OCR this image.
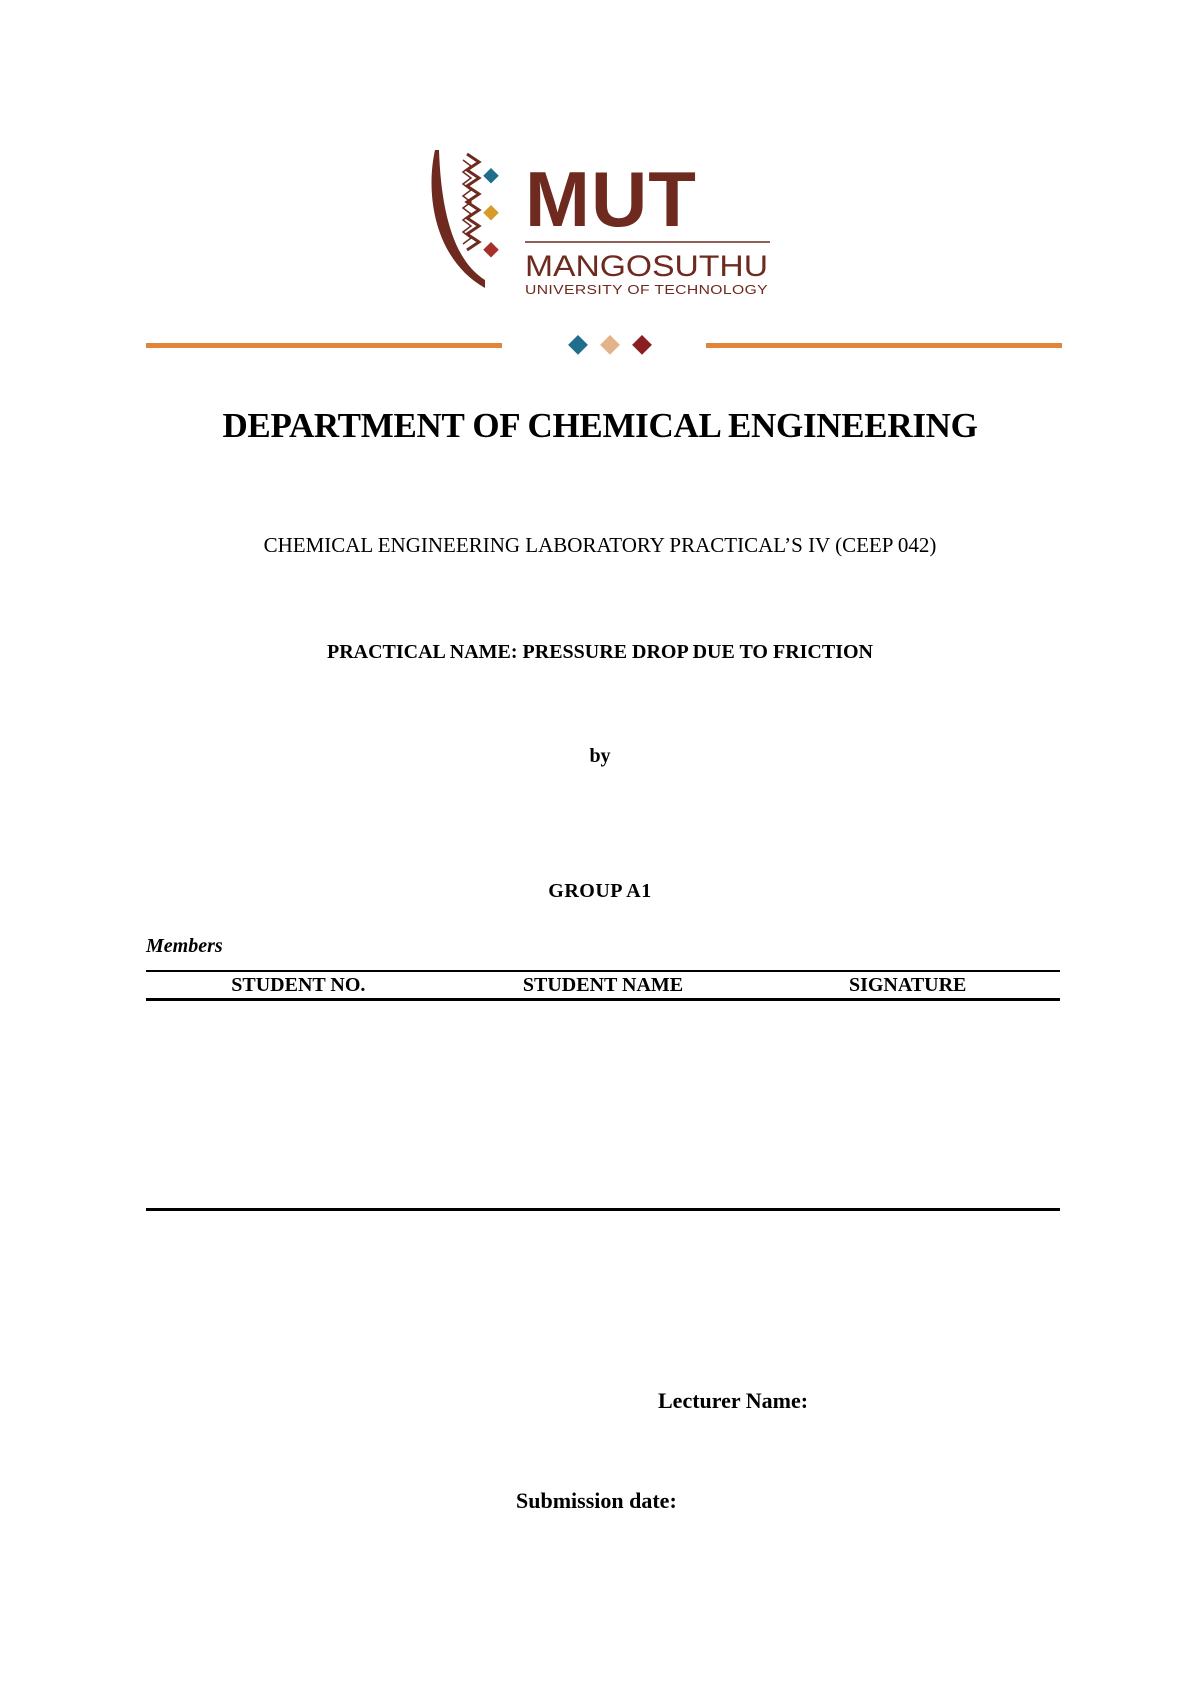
MUT
MANGOSUTHU
UNIVERSITY OF TECHNOLOGY
DEPARTMENT OF CHEMICAL ENGINEERING
CHEMICAL ENGINEERING LABORATORY PRACTICAL’S IV (CEEP 042)
PRACTICAL NAME: PRESSURE DROP DUE TO FRICTION
by
GROUP A1
Members
STUDENT NO.	STUDENT NAME	SIGNATURE
Lecturer Name:
Submission date:
